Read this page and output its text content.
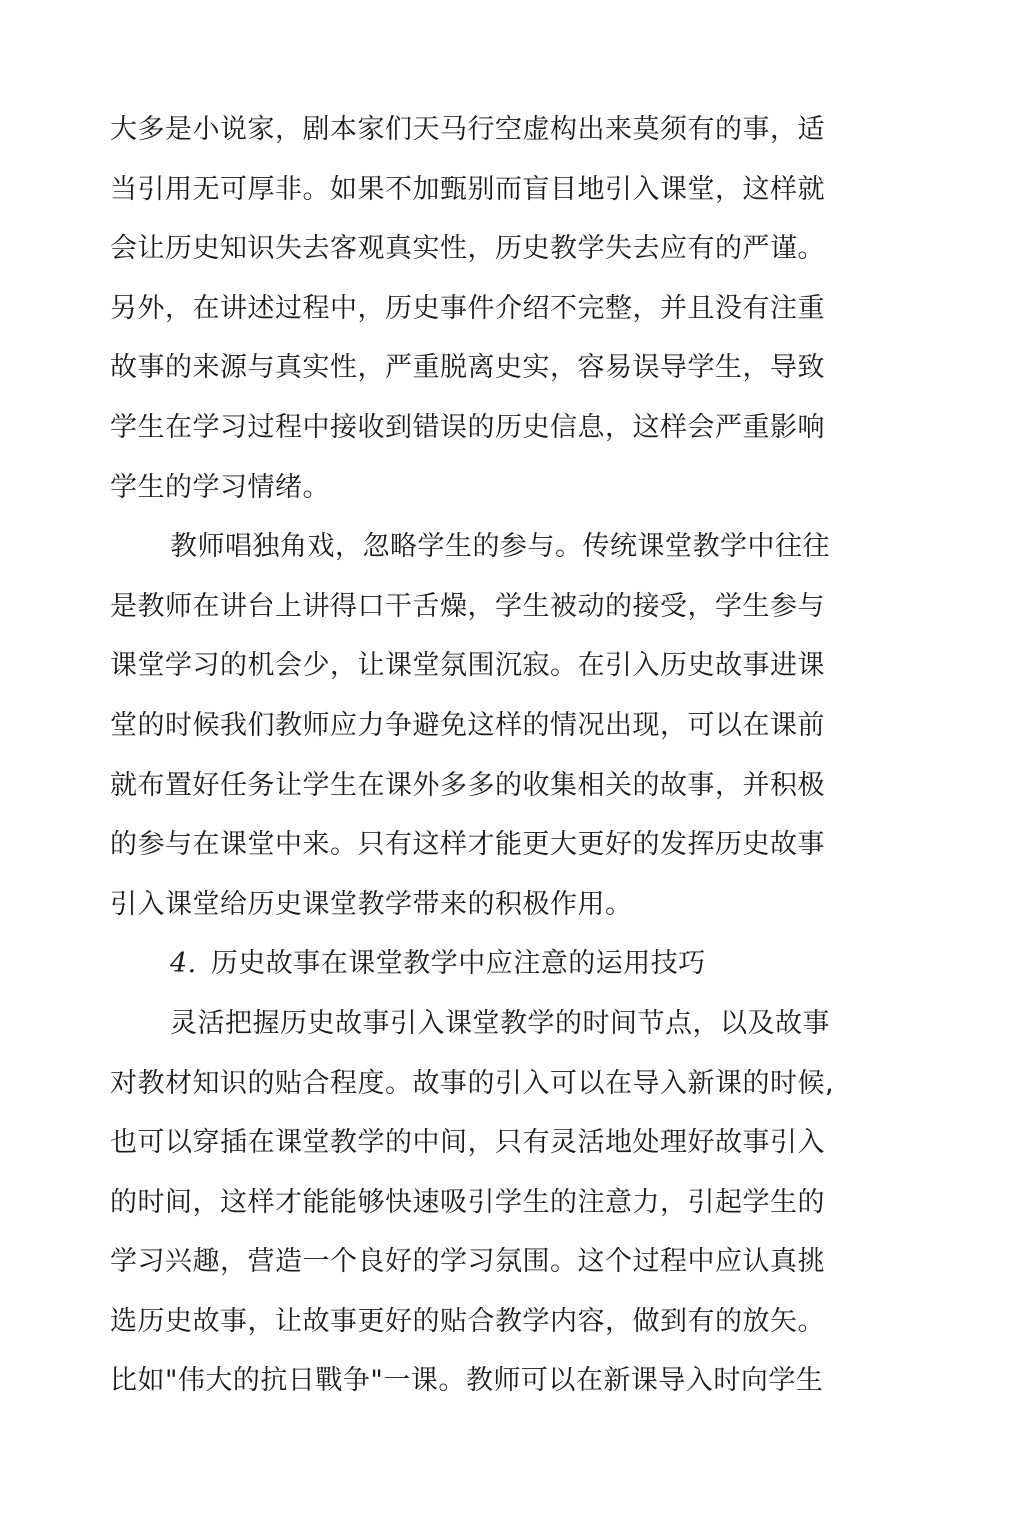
大多是小说家，剧本家们天马行空虚构出来莫须有的事，适
当引用无可厚非。如果不加甄别而盲目地引入课堂，这样就
会让历史知识失去客观真实性，历史教学失去应有的严谨。
另外，在讲述过程中，历史事件介绍不完整，并且没有注重
故事的来源与真实性，严重脱离史实，容易误导学生，导致
学生在学习过程中接收到错误的历史信息，这样会严重影响
学生的学习情绪。
教师唱独角戏，忽略学生的参与。传统课堂教学中往往
是教师在讲台上讲得口干舌燥，学生被动的接受，学生参与
课堂学习的机会少，让课堂氛围沉寂。在引入历史故事进课
堂的时候我们教师应力争避免这样的情况出现，可以在课前
就布置好任务让学生在课外多多的收集相关的故事，并积极
的参与在课堂中来。只有这样才能更大更好的发挥历史故事
引入课堂给历史课堂教学带来的积极作用。
4. 历史故事在课堂教学中应注意的运用技巧
灵活把握历史故事引入课堂教学的时间节点，以及故事
对教材知识的贴合程度。故事的引入可以在导入新课的时候,
也可以穿插在课堂教学的中间，只有灵活地处理好故事引入
的时间，这样才能能够快速吸引学生的注意力，引起学生的
学习兴趣，营造一个良好的学习氛围。这个过程中应认真挑
选历史故事，让故事更好的贴合教学内容，做到有的放矢。
比如"伟大的抗日戰争"一课。教师可以在新课导入时向学生
